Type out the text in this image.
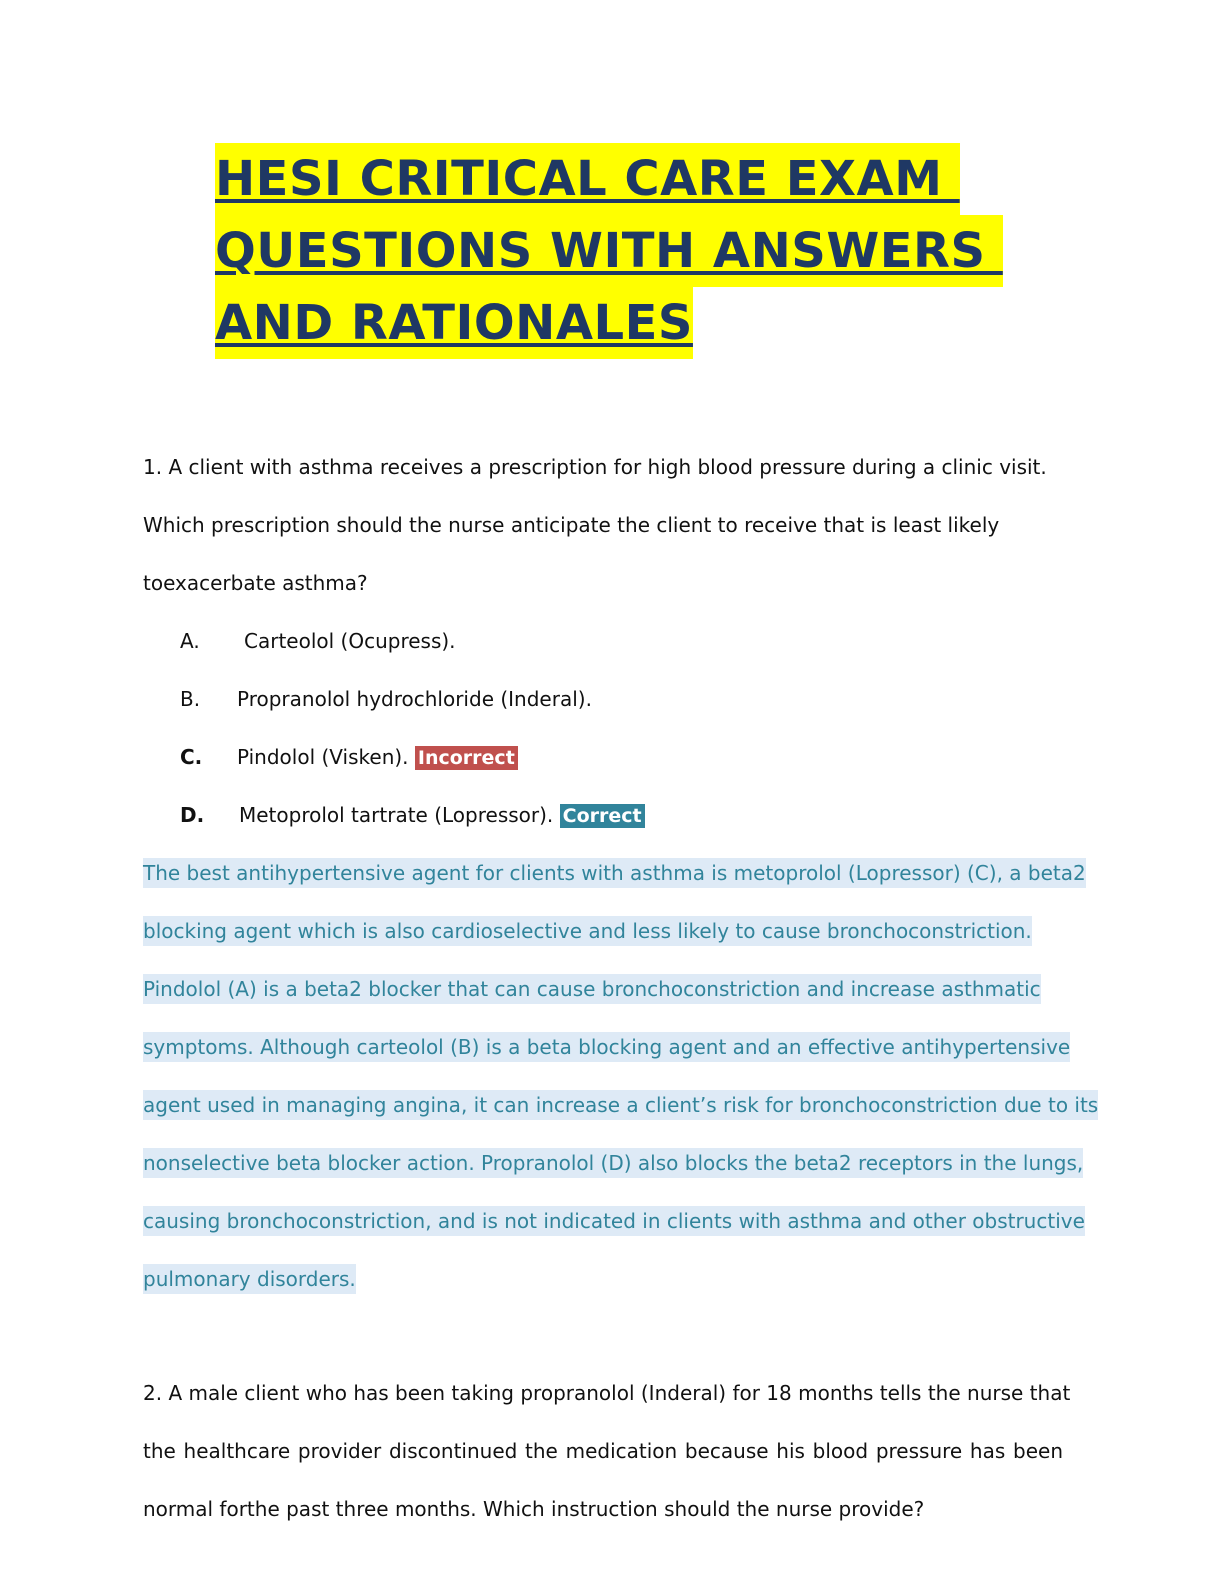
HESI CRITICAL CARE EXAM
QUESTIONS WITH ANSWERS
AND RATIONALES
1. A client with asthma receives a prescription for high blood pressure during a clinic visit.
Which prescription should the nurse anticipate the client to receive that is least likely
toexacerbate asthma?
A. Carteolol (Ocupress).
B. Propranolol hydrochloride (Inderal).
C. Pindolol (Visken). Incorrect
D. Metoprolol tartrate (Lopressor). Correct
The best antihypertensive agent for clients with asthma is metoprolol (Lopressor) (C), a beta2
blocking agent which is also cardioselective and less likely to cause bronchoconstriction.
Pindolol (A) is a beta2 blocker that can cause bronchoconstriction and increase asthmatic
symptoms. Although carteolol (B) is a beta blocking agent and an effective antihypertensive
agent used in managing angina, it can increase a client’s risk for bronchoconstriction due to its
nonselective beta blocker action. Propranolol (D) also blocks the beta2 receptors in the lungs,
causing bronchoconstriction, and is not indicated in clients with asthma and other obstructive
pulmonary disorders.
2. A male client who has been taking propranolol (Inderal) for 18 months tells the nurse that
the healthcare provider discontinued the medication because his blood pressure has been
normal forthe past three months. Which instruction should the nurse provide?
